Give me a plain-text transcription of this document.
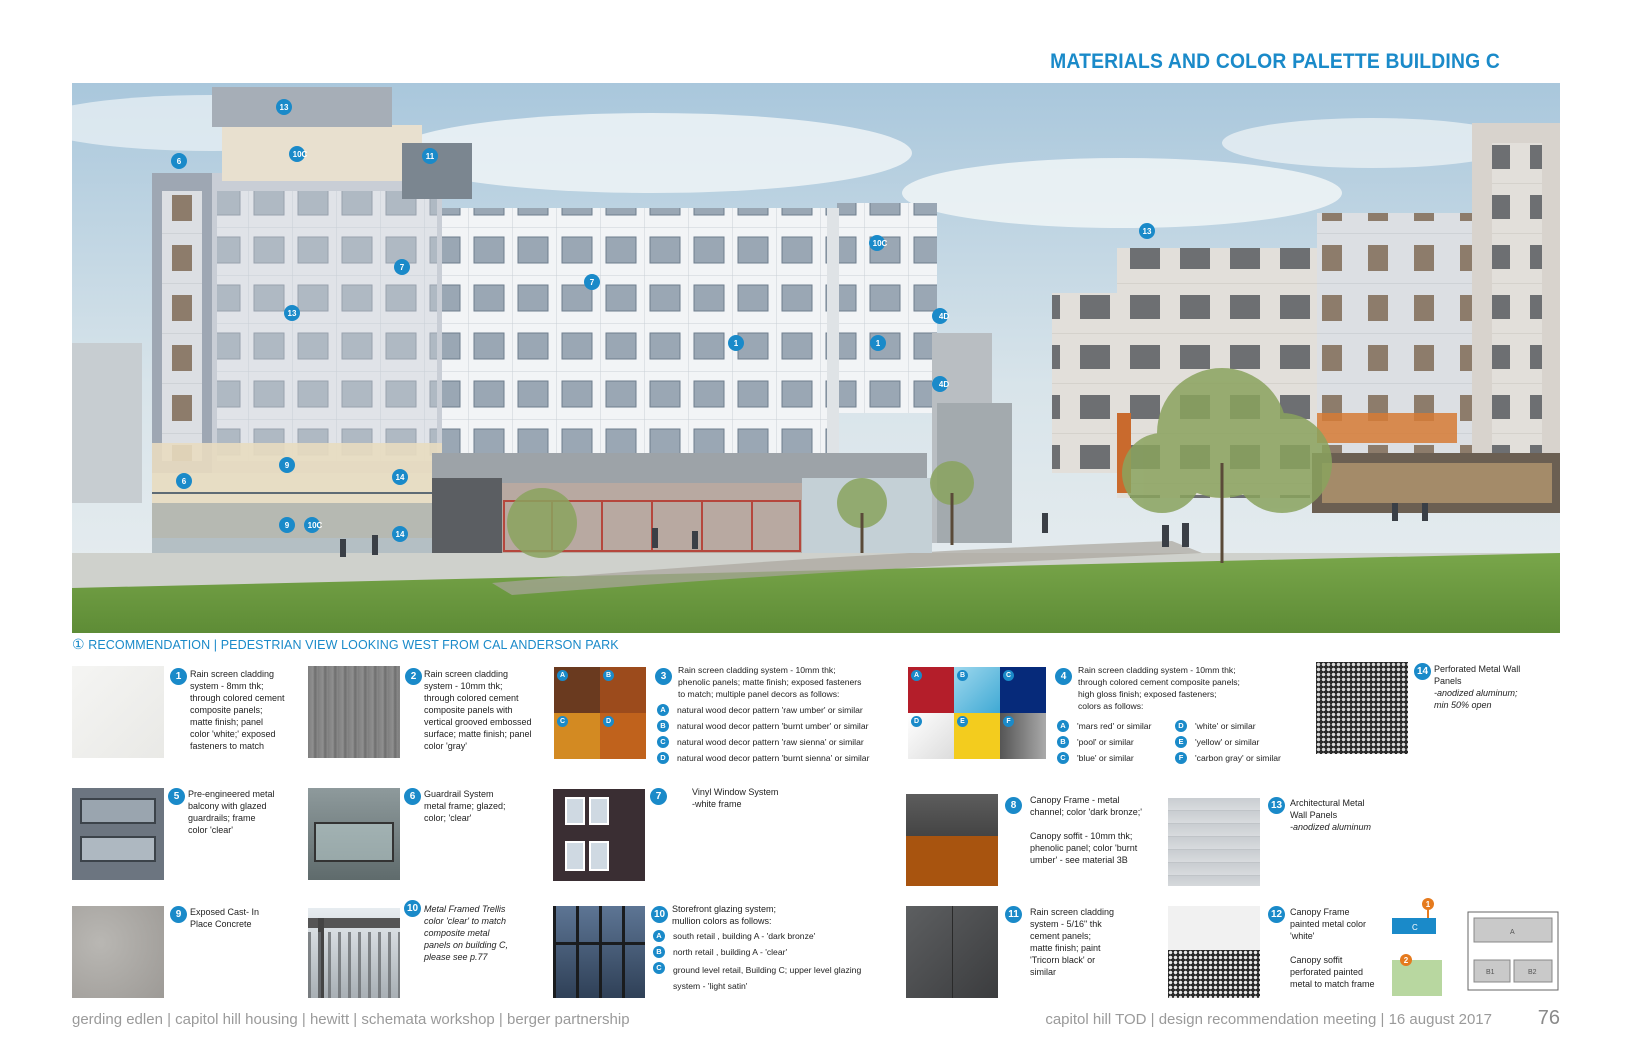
MATERIALS AND COLOR PALETTE BUILDING C
13
10C	11
6
7
7
13
10C
13
1	1
4D
4D
9
14
6
9 10C
14
① RECOMMENDATION | PEDESTRIAN VIEW LOOKING WEST FROM CAL ANDERSON PARK
1 Rain screen cladding
system - 8mm thk;
through colored cement
composite panels;
matte finish; panel
color 'white;' exposed
fasteners to match
2 Rain screen cladding
system - 10mm thk;
through colored cement
composite panels with
vertical grooved embossed
surface; matte finish; panel
color 'gray'
A	B
C	D
3
Rain screen cladding system - 10mm thk;
phenolic panels; matte finish; exposed fasteners
to match; multiple panel decors as follows:
A	natural wood decor pattern 'raw umber' or similar
B	natural wood decor pattern 'burnt umber' or similar
C	natural wood decor pattern 'raw sienna' or similar
D	natural wood decor pattern 'burnt sienna' or similar
A	B	C
D	E	F
4
Rain screen cladding system - 10mm thk;
through colored cement composite panels;
high gloss finish; exposed fasteners;
colors as follows:
A	'mars red' or similar
B	'pool' or similar
C	'blue' or similar
D	'white' or similar
E	'yellow' or similar
F	'carbon gray' or similar
14 Perforated Metal Wall
Panels
-anodized aluminum;
min 50% open
5 Pre-engineered metal
balcony with glazed
guardrails; frame
color 'clear'
6 Guardrail System
metal frame; glazed;
color; 'clear'
7	Vinyl Window System
-white frame	8	Canopy Frame - metal
channel; color 'dark bronze;'

Canopy soffit - 10mm thk;
phenolic panel; color 'burnt
umber' - see material 3B
13 Architectural Metal
Wall Panels
-anodized aluminum
9 Exposed Cast- In
Place Concrete
10 Metal Framed Trellis
color 'clear' to match
composite metal
panels on building C,
please see p.77
10 Storefront glazing system;
mullion colors as follows:
A	south retail , building A - 'dark bronze'
B	north retail , building A - 'clear'
C	ground level retail, Building C; upper level glazing
system - 'light satin'
11	Rain screen cladding
system - 5/16" thk
cement panels;
matte finish; paint
'Tricorn black' or
similar
12 Canopy Frame
painted metal color
'white'

Canopy soffit
perforated painted
metal to match frame
C
A
B1	B2
1
2
gerding edlen | capitol hill housing | hewitt | schemata workshop | berger partnership	capitol hill TOD | design recommendation meeting | 16 august 2017 76
